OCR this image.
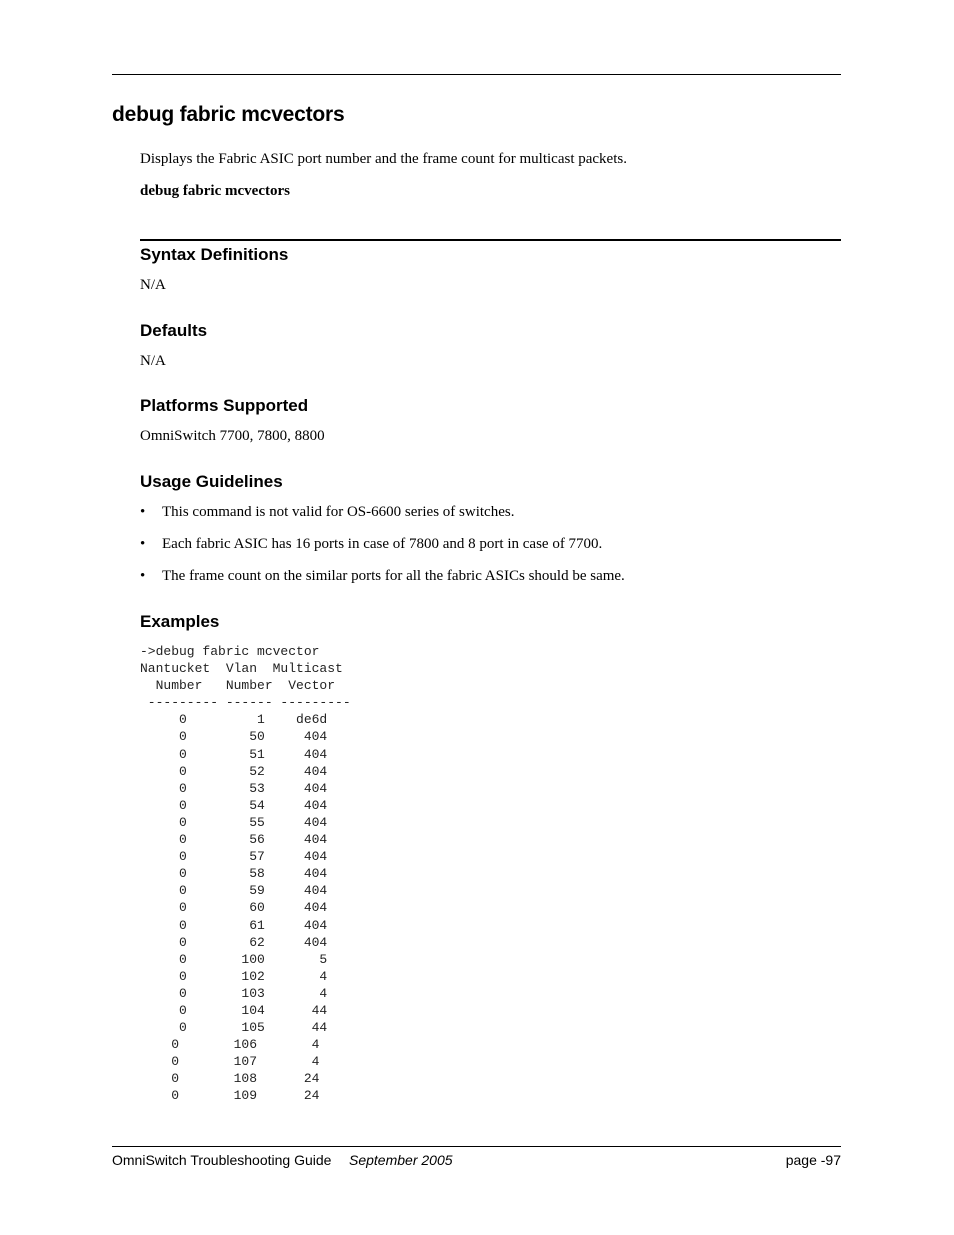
debug fabric mcvectors

Displays the Fabric ASIC port number and the frame count for multicast packets.

debug fabric mcvectors

Syntax Definitions

N/A

Defaults

N/A

Platforms Supported

OmniSwitch 7700, 7800, 8800

Usage Guidelines
• This command is not valid for OS-6600 series of switches.
• Each fabric ASIC has 16 ports in case of 7800 and 8 port in case of 7700.
• The frame count on the similar ports for all the fabric ASICs should be same.
Examples
->debug fabric mcvector
Nantucket  Vlan  Multicast
Number   Number  Vector
--------- ------ ---------
0         1    de6d
0        50     404
0        51     404
0        52     404
0        53     404
0        54     404
0        55     404
0        56     404
0        57     404
0        58     404
0        59     404
0        60     404
0        61     404
0        62     404
0       100       5
0       102       4
0       103       4
0       104      44
0       105      44
0       106       4
0       107       4
0       108      24
0       109      24
OmniSwitch Troubleshooting Guide September 2005	page -97
